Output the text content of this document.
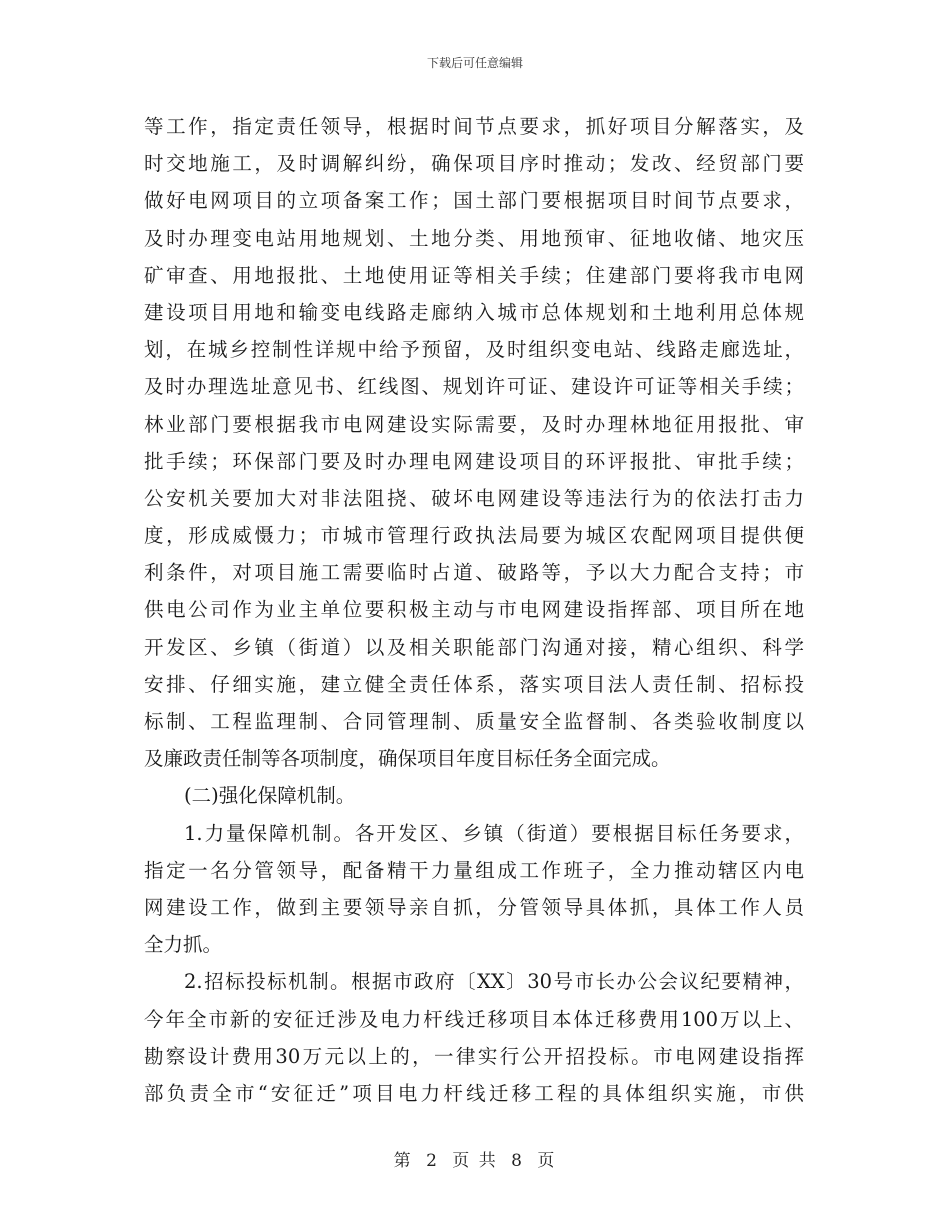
下载后可任意编辑
等工作，指定责任领导，根据时间节点要求，抓好项目分解落实，及
时交地施工，及时调解纠纷，确保项目序时推动；发改、经贸部门要
做好电网项目的立项备案工作；国土部门要根据项目时间节点要求，
及时办理变电站用地规划、土地分类、用地预审、征地收储、地灾压
矿审查、用地报批、土地使用证等相关手续；住建部门要将我市电网
建设项目用地和输变电线路走廊纳入城市总体规划和土地利用总体规
划，在城乡控制性详规中给予预留，及时组织变电站、线路走廊选址，
及时办理选址意见书、红线图、规划许可证、建设许可证等相关手续；
林业部门要根据我市电网建设实际需要，及时办理林地征用报批、审
批手续；环保部门要及时办理电网建设项目的环评报批、审批手续；
公安机关要加大对非法阻挠、破坏电网建设等违法行为的依法打击力
度，形成威慑力；市城市管理行政执法局要为城区农配网项目提供便
利条件，对项目施工需要临时占道、破路等，予以大力配合支持；市
供电公司作为业主单位要积极主动与市电网建设指挥部、项目所在地
开发区、乡镇（街道）以及相关职能部门沟通对接，精心组织、科学
安排、仔细实施，建立健全责任体系，落实项目法人责任制、招标投
标制、工程监理制、合同管理制、质量安全监督制、各类验收制度以
及廉政责任制等各项制度，确保项目年度目标任务全面完成。
(二)强化保障机制。
1.力量保障机制。各开发区、乡镇（街道）要根据目标任务要求，
指定一名分管领导，配备精干力量组成工作班子，全力推动辖区内电
网建设工作，做到主要领导亲自抓，分管领导具体抓，具体工作人员
全力抓。
2.招标投标机制。根据市政府〔XX〕30号市长办公会议纪要精神，
今年全市新的安征迁涉及电力杆线迁移项目本体迁移费用100万以上、
勘察设计费用30万元以上的，一律实行公开招投标。市电网建设指挥
部负责全市“安征迁”项目电力杆线迁移工程的具体组织实施，市供
第 2 页 共 8 页
